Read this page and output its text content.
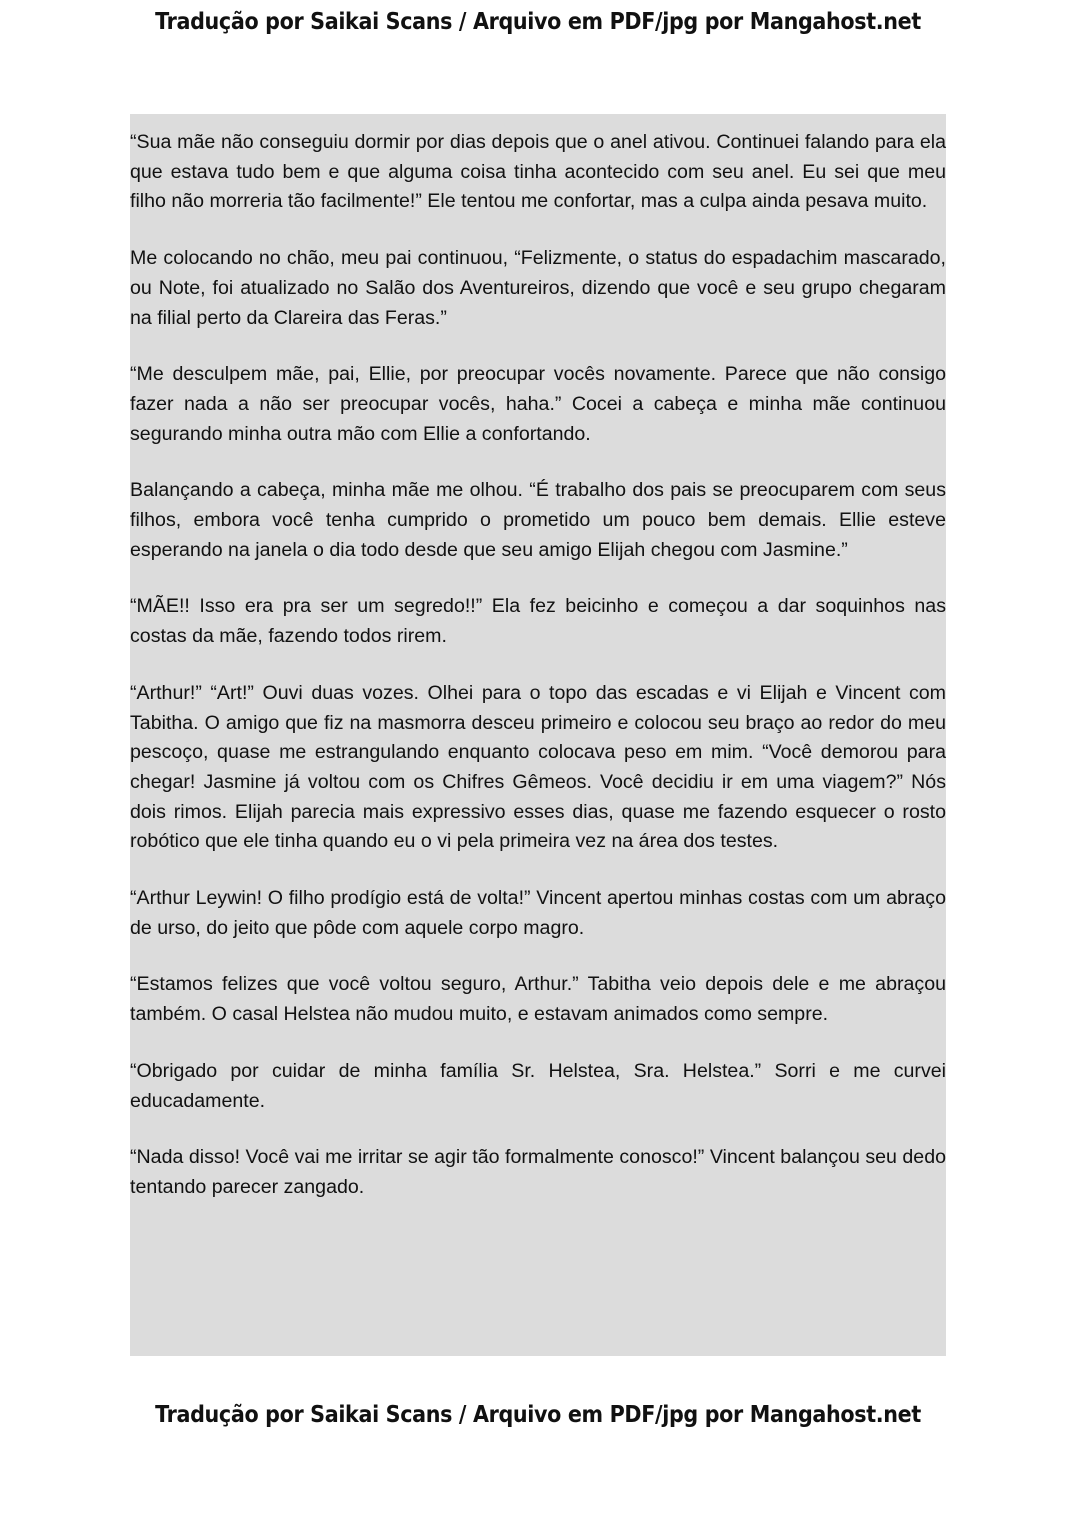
Tradução por Saikai Scans / Arquivo em PDF/jpg por Mangahost.net

“Sua mãe não conseguiu dormir por dias depois que o anel ativou. Continuei falando para ela que estava tudo bem e que alguma coisa tinha acontecido com seu anel. Eu sei que meu filho não morreria tão facilmente!” Ele tentou me confortar, mas a culpa ainda pesava muito.

Me colocando no chão, meu pai continuou, “Felizmente, o status do espadachim mascarado, ou Note, foi atualizado no Salão dos Aventureiros, dizendo que você e seu grupo chegaram na filial perto da Clareira das Feras.”

“Me desculpem mãe, pai, Ellie, por preocupar vocês novamente. Parece que não consigo fazer nada a não ser preocupar vocês, haha.” Cocei a cabeça e minha mãe continuou segurando minha outra mão com Ellie a confortando.

Balançando a cabeça, minha mãe me olhou. “É trabalho dos pais se preocuparem com seus filhos, embora você tenha cumprido o prometido um pouco bem demais. Ellie esteve esperando na janela o dia todo desde que seu amigo Elijah chegou com Jasmine.”

“MÃE!! Isso era pra ser um segredo!!” Ela fez beicinho e começou a dar soquinhos nas costas da mãe, fazendo todos rirem.

“Arthur!” “Art!” Ouvi duas vozes. Olhei para o topo das escadas e vi Elijah e Vincent com Tabitha. O amigo que fiz na masmorra desceu primeiro e colocou seu braço ao redor do meu pescoço, quase me estrangulando enquanto colocava peso em mim. “Você demorou para chegar! Jasmine já voltou com os Chifres Gêmeos. Você decidiu ir em uma viagem?” Nós dois rimos. Elijah parecia mais expressivo esses dias, quase me fazendo esquecer o rosto robótico que ele tinha quando eu o vi pela primeira vez na área dos testes.

“Arthur Leywin! O filho prodígio está de volta!” Vincent apertou minhas costas com um abraço de urso, do jeito que pôde com aquele corpo magro.

“Estamos felizes que você voltou seguro, Arthur.” Tabitha veio depois dele e me abraçou também. O casal Helstea não mudou muito, e estavam animados como sempre.

“Obrigado por cuidar de minha família Sr. Helstea, Sra. Helstea.” Sorri e me curvei educadamente.

“Nada disso! Você vai me irritar se agir tão formalmente conosco!” Vincent balançou seu dedo tentando parecer zangado.

Tradução por Saikai Scans / Arquivo em PDF/jpg por Mangahost.net
